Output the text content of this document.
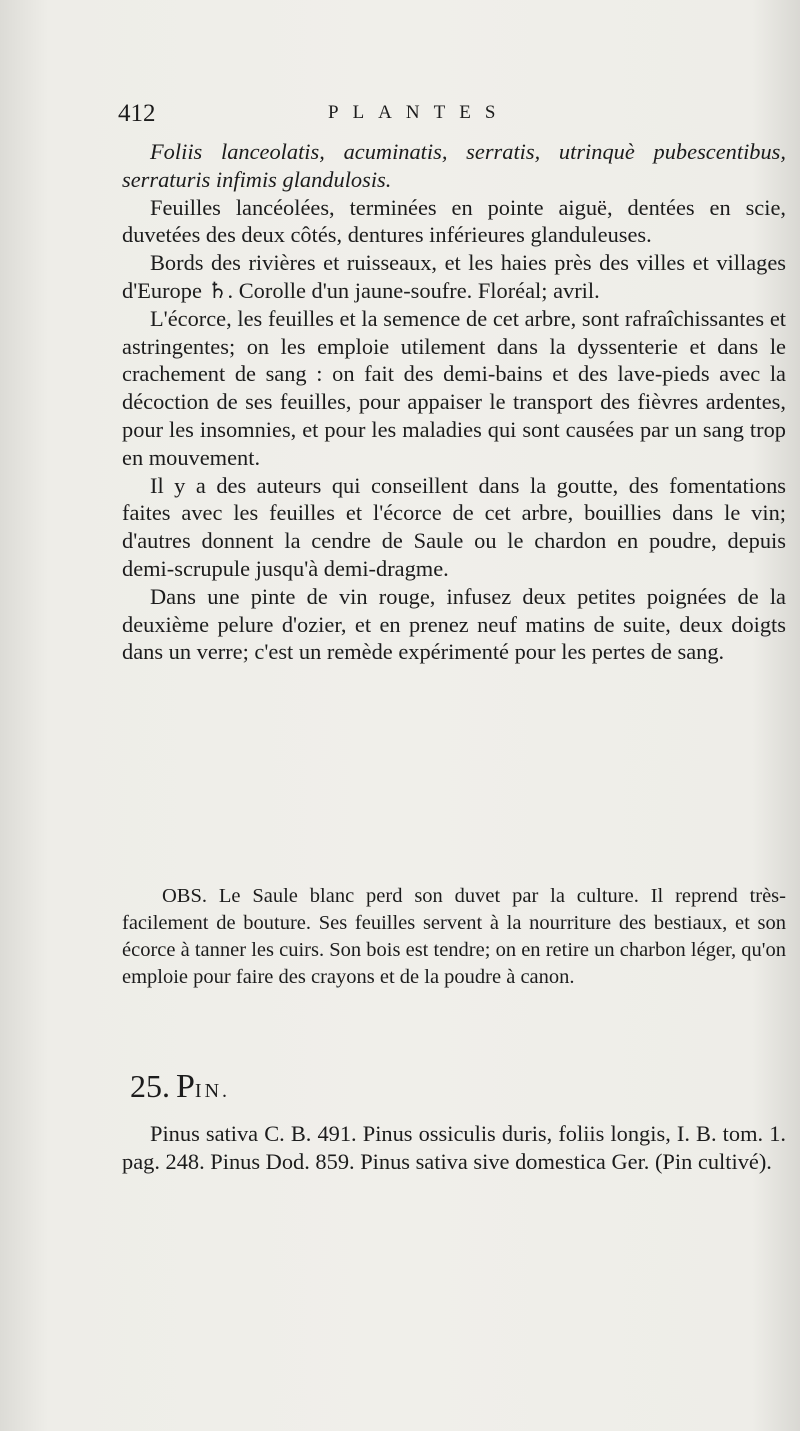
412	PLANTES

Foliis lanceolatis, acuminatis, serratis, utrinquè pubescentibus, serraturis infimis glandulosis.

Feuilles lancéolées, terminées en pointe aiguë, dentées en scie, duvetées des deux côtés, dentures inférieures glanduleuses.

Bords des rivières et ruisseaux, et les haies près des villes et villages d'Europe ♄. Corolle d'un jaune-soufre. Floréal; avril.

L'écorce, les feuilles et la semence de cet arbre, sont rafraîchissantes et astringentes; on les emploie utilement dans la dyssenterie et dans le crachement de sang : on fait des demi-bains et des lave-pieds avec la décoction de ses feuilles, pour appaiser le transport des fièvres ardentes, pour les insomnies, et pour les maladies qui sont causées par un sang trop en mouvement.

Il y a des auteurs qui conseillent dans la goutte, des fomentations faites avec les feuilles et l'écorce de cet arbre, bouillies dans le vin; d'autres donnent la cendre de Saule ou le chardon en poudre, depuis demi-scrupule jusqu'à demi-dragme.

Dans une pinte de vin rouge, infusez deux petites poignées de la deuxième pelure d'ozier, et en prenez neuf matins de suite, deux doigts dans un verre; c'est un remède expérimenté pour les pertes de sang.

OBS. Le Saule blanc perd son duvet par la culture. Il reprend très-facilement de bouture. Ses feuilles servent à la nourriture des bestiaux, et son écorce à tanner les cuirs. Son bois est tendre; on en retire un charbon léger, qu'on emploie pour faire des crayons et de la poudre à canon.

25. PIN.

Pinus sativa C. B. 491. Pinus ossiculis duris, foliis longis, I. B. tom. 1. pag. 248. Pinus Dod. 859. Pinus sativa sive domestica Ger. (Pin cultivé).
